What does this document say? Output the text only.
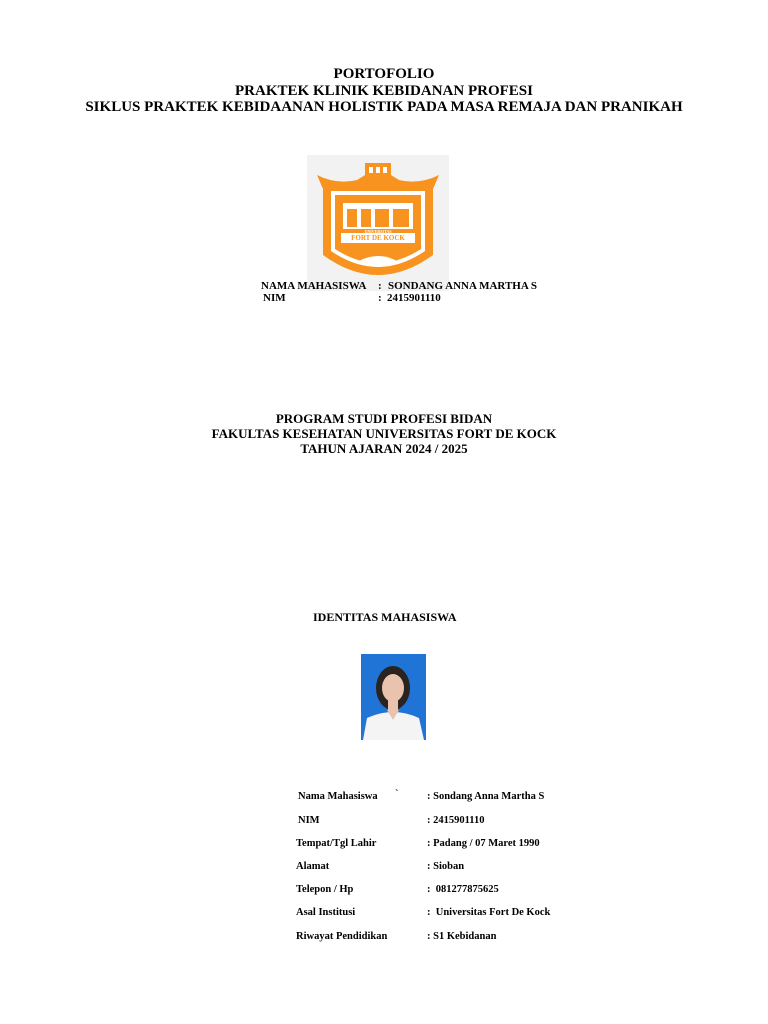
PORTOFOLIO
PRAKTEK KLINIK KEBIDANAN PROFESI
SIKLUS PRAKTEK KEBIDAANAN HOLISTIK PADA MASA REMAJA DAN PRANIKAH
UNIVERSITAS
FORT DE KOCK
NAMA MAHASISWA : SONDANG ANNA MARTHA S
NIM	: 2415901110
PROGRAM STUDI PROFESI BIDAN
FAKULTAS KESEHATAN UNIVERSITAS FORT DE KOCK
TAHUN AJARAN 2024 / 2025
IDENTITAS MAHASISWA
Nama Mahasiswa `	: Sondang Anna Martha S
NIM	: 2415901110
Tempat/Tgl Lahir	: Padang / 07 Maret 1990
Alamat	: Sioban
Telepon / Hp	:  081277875625
Asal Institusi	:  Universitas Fort De Kock
Riwayat Pendidikan	: S1 Kebidanan
